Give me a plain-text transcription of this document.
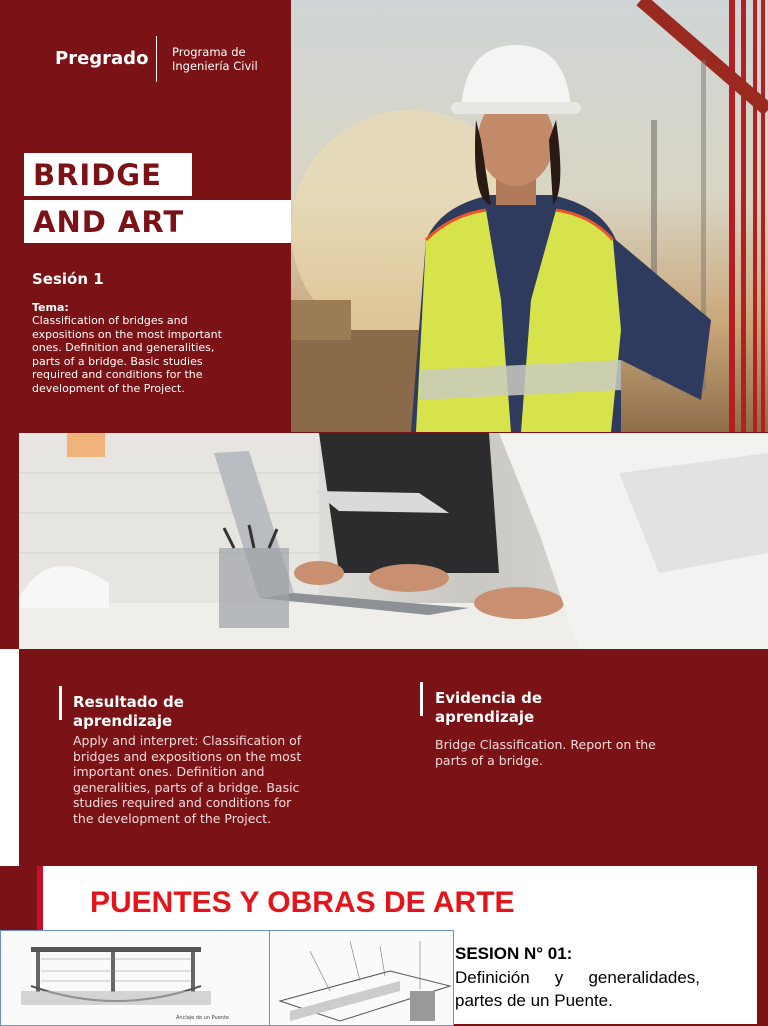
Pregrado Programa de
Ingeniería Civil
BRIDGE
AND ART
Sesión 1
Tema:
Classification of bridges and expositions on the most important ones. Definition and generalities, parts of a bridge. Basic studies required and conditions for the development of the Project.
Resultado de
aprendizaje
Apply and interpret: Classification of bridges and expositions on the most important ones. Definition and generalities, parts of a bridge. Basic studies required and conditions for the development of the Project.
Evidencia de
aprendizaje
Bridge Classification. Report on the parts of a bridge.
PUENTES Y OBRAS DE ARTE
Anclaje de un Puente
SESION N° 01:
Definición y generalidades, partes de un Puente.
